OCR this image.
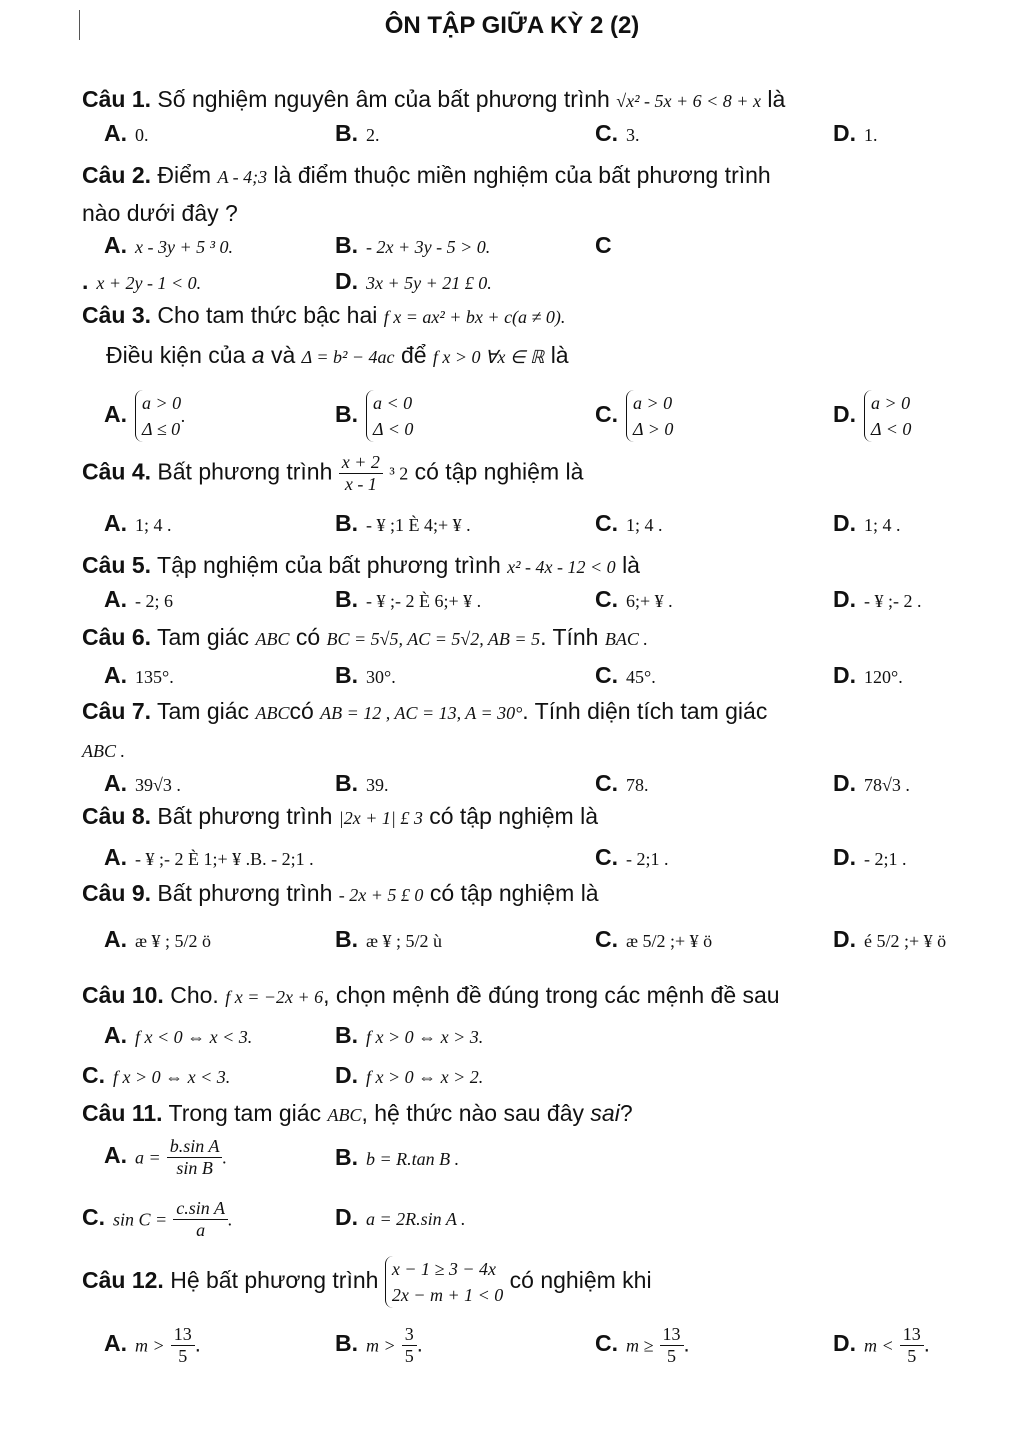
ÔN TẬP GIỮA KỲ 2 (2)
Câu 1. Số nghiệm nguyên âm của bất phương trình √x² - 5x + 6 < 8 + x là
A. 0.	B. 2.	C. 3.	D. 1.
Câu 2. Điểm A - 4;3 là điểm thuộc miền nghiệm của bất phương trình
nào dưới đây ?
A. x - 3y + 5 ³ 0.	B. - 2x + 3y - 5 > 0.	C
. x + 2y - 1 < 0.	D. 3x + 5y + 21 £ 0.
Câu 3. Cho tam thức bậc hai f x = ax² + bx + c(a ≠ 0).
Điều kiện của a và Δ = b² − 4ac để f x > 0 ∀x ∈ ℝ là
A. a > 0
Δ ≤ 0
.	B. a < 0
Δ < 0
C. a > 0
Δ > 0
D. a > 0
Δ < 0
Câu 4. Bất phương trình $\frac{x + 2}{x - 1} ^3$ 2 có tập nghiệm là
A. 1; 4 .	B. - ¥ ;1 È 4;+ ¥ .	C. 1; 4 .	D. 1; 4 .
Câu 5. Tập nghiệm của bất phương trình x² - 4x - 12 < 0 là
A. - 2; 6	B. - ¥ ;- 2 È 6;+ ¥ .	C. 6;+ ¥ .	D. - ¥ ;- 2 .
Câu 6. Tam giác ABC có BC = 5√5, AC = 5√2, AB = 5. Tính BAC .
A. 135°.	B. 30°.	C. 45°.	D. 120°.
Câu 7. Tam giác ABCcó AB = 12 , AC = 13, A = 30°. Tính diện tích tam giác
ABC .
A. 39√3 .	B. 39.	C. 78.	D. 78√3 .
Câu 8. Bất phương trình |2x + 1| £ 3 có tập nghiệm là
A. - ¥ ;- 2 È 1;+ ¥ .B. - 2;1 .	C. - 2;1 .	D. - 2;1 .
Câu 9. Bất phương trình - 2x + 5 £ 0 có tập nghiệm là
A. æ ¥ ; 5/2 ö	B. æ ¥ ; 5/2 ù	C. æ 5/2 ;+ ¥ ö	D. é 5/2 ;+ ¥ ö
Câu 10. Cho. f x = −2x + 6, chọn mệnh đề đúng trong các mệnh đề sau
A. f x < 0 ⇔ x < 3.	B. f x > 0 ⇔ x > 3.
C. f x > 0 ⇔ x < 3.	D. f x > 0 ⇔ x > 2.
Câu 11. Trong tam giác ABC, hệ thức nào sau đây sai?
A. $a = \frac{\text{b.sin A}}{\text{sin B}}$ .	B. b = R.tan B .
C. $\sin C = \frac{\text{c.sin A}}{a}$ .	D. a = 2R.sin A .
Câu 12. Hệ bất phương trình x − 1 ≥ 3 − 4x
2x − m + 1 < 0
có nghiệm khi
A. $m > \frac{13}{5}$ .	B. $m > \frac{3}{5}$ .	C. $m \ge \frac{13}{5}$ .	D. $m < \frac{13}{5}$ .
